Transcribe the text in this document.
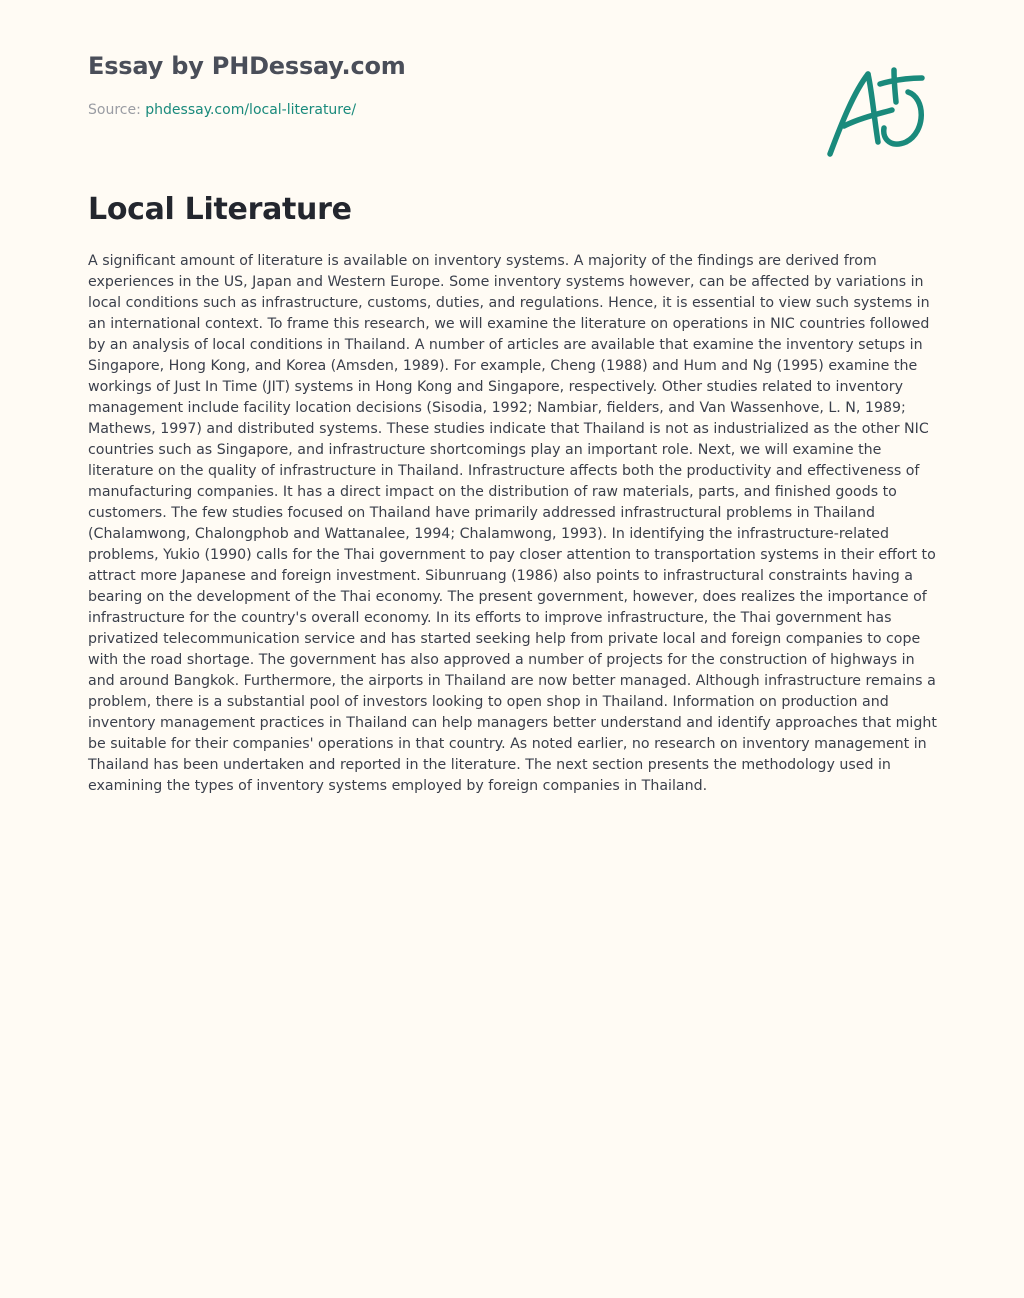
Essay by PHDessay.com
Source: phdessay.com/local-literature/
Local Literature

A significant amount of literature is available on inventory systems. A majority of the findings are derived from experiences in the US, Japan and Western Europe. Some inventory systems however, can be affected by variations in local conditions such as infrastructure, customs, duties, and regulations. Hence, it is essential to view such systems in an international context. To frame this research, we will examine the literature on operations in NIC countries followed by an analysis of local conditions in Thailand. A number of articles are available that examine the inventory setups in Singapore, Hong Kong, and Korea (Amsden, 1989). For example, Cheng (1988) and Hum and Ng (1995) examine the workings of Just In Time (JIT) systems in Hong Kong and Singapore, respectively. Other studies related to inventory management include facility location decisions (Sisodia, 1992; Nambiar, fielders, and Van Wassenhove, L. N, 1989; Mathews, 1997) and distributed systems. These studies indicate that Thailand is not as industrialized as the other NIC countries such as Singapore, and infrastructure shortcomings play an important role. Next, we will examine the literature on the quality of infrastructure in Thailand. Infrastructure affects both the productivity and effectiveness of manufacturing companies. It has a direct impact on the distribution of raw materials, parts, and finished goods to customers. The few studies focused on Thailand have primarily addressed infrastructural problems in Thailand (Chalamwong, Chalongphob and Wattanalee, 1994; Chalamwong, 1993). In identifying the infrastructure-related problems, Yukio (1990) calls for the Thai government to pay closer attention to transportation systems in their effort to attract more Japanese and foreign investment. Sibunruang (1986) also points to infrastructural constraints having a bearing on the development of the Thai economy. The present government, however, does realizes the importance of infrastructure for the country's overall economy. In its efforts to improve infrastructure, the Thai government has privatized telecommunication service and has started seeking help from private local and foreign companies to cope with the road shortage. The government has also approved a number of projects for the construction of highways in and around Bangkok. Furthermore, the airports in Thailand are now better managed. Although infrastructure remains a problem, there is a substantial pool of investors looking to open shop in Thailand. Information on production and inventory management practices in Thailand can help managers better understand and identify approaches that might be suitable for their companies' operations in that country. As noted earlier, no research on inventory management in Thailand has been undertaken and reported in the literature. The next section presents the methodology used in examining the types of inventory systems employed by foreign companies in Thailand.
